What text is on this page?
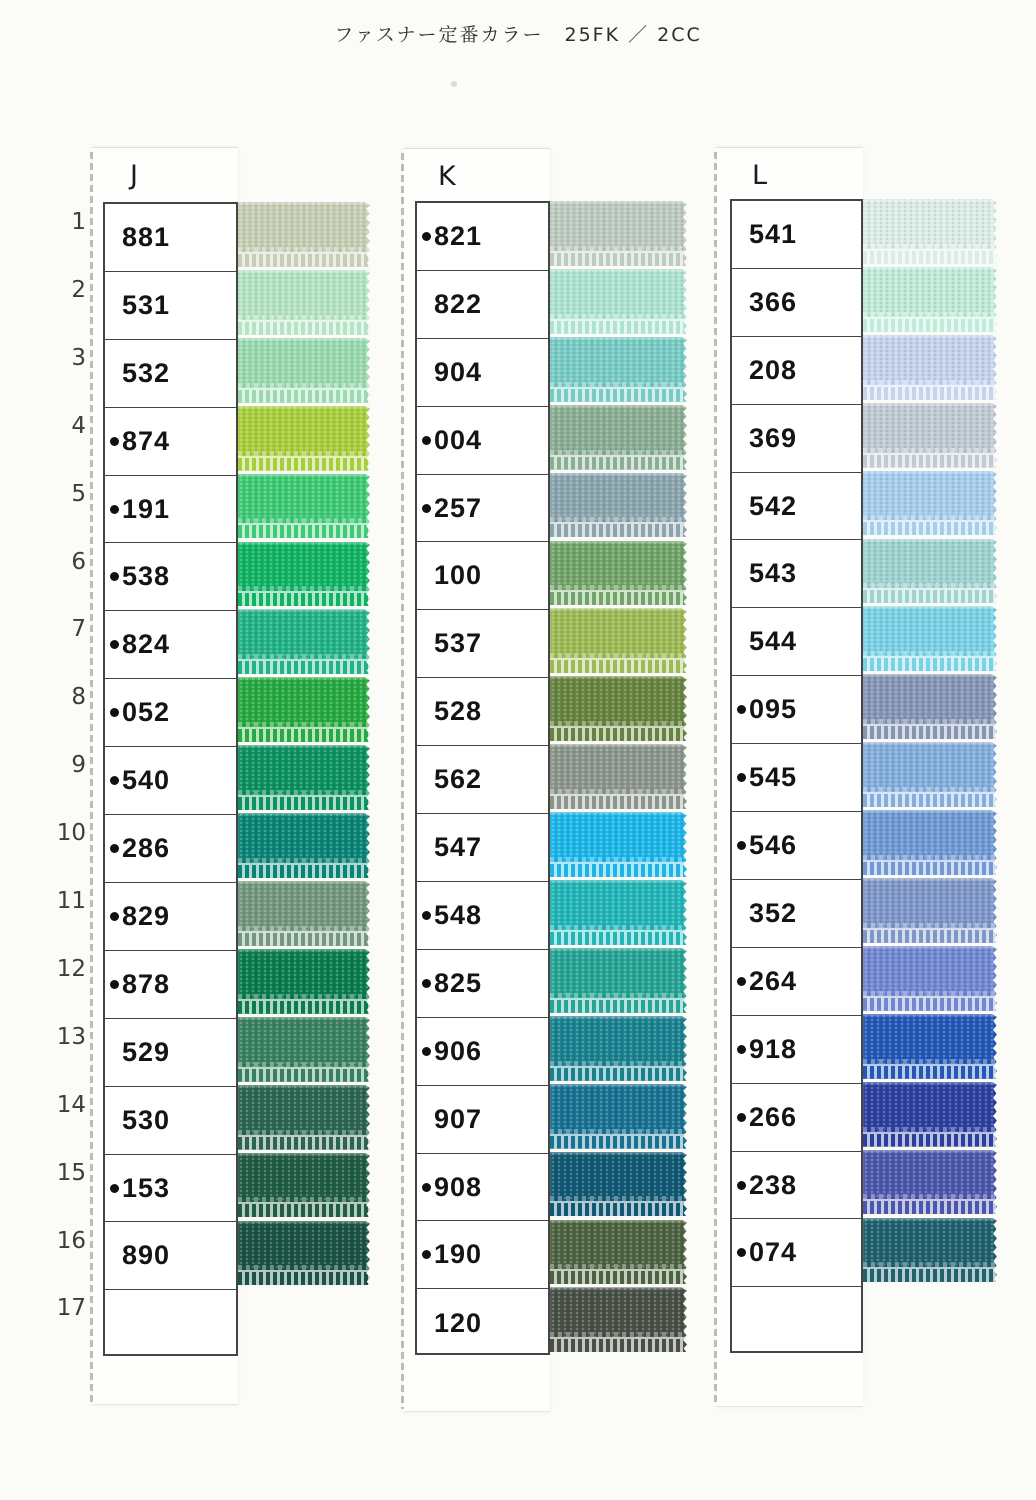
ファスナー定番カラー　25FK ／ 2CC
1
2
3
4
5
6
7
8
9
10
11
12
13
14
15
16
17
J
881
531
532
874
191
538
824
052
540
286
829
878
529
530
153
890
K
821
822
904
004
257
100
537
528
562
547
548
825
906
907
908
190
120
L
541
366
208
369
542
543
544
095
545
546
352
264
918
266
238
074
